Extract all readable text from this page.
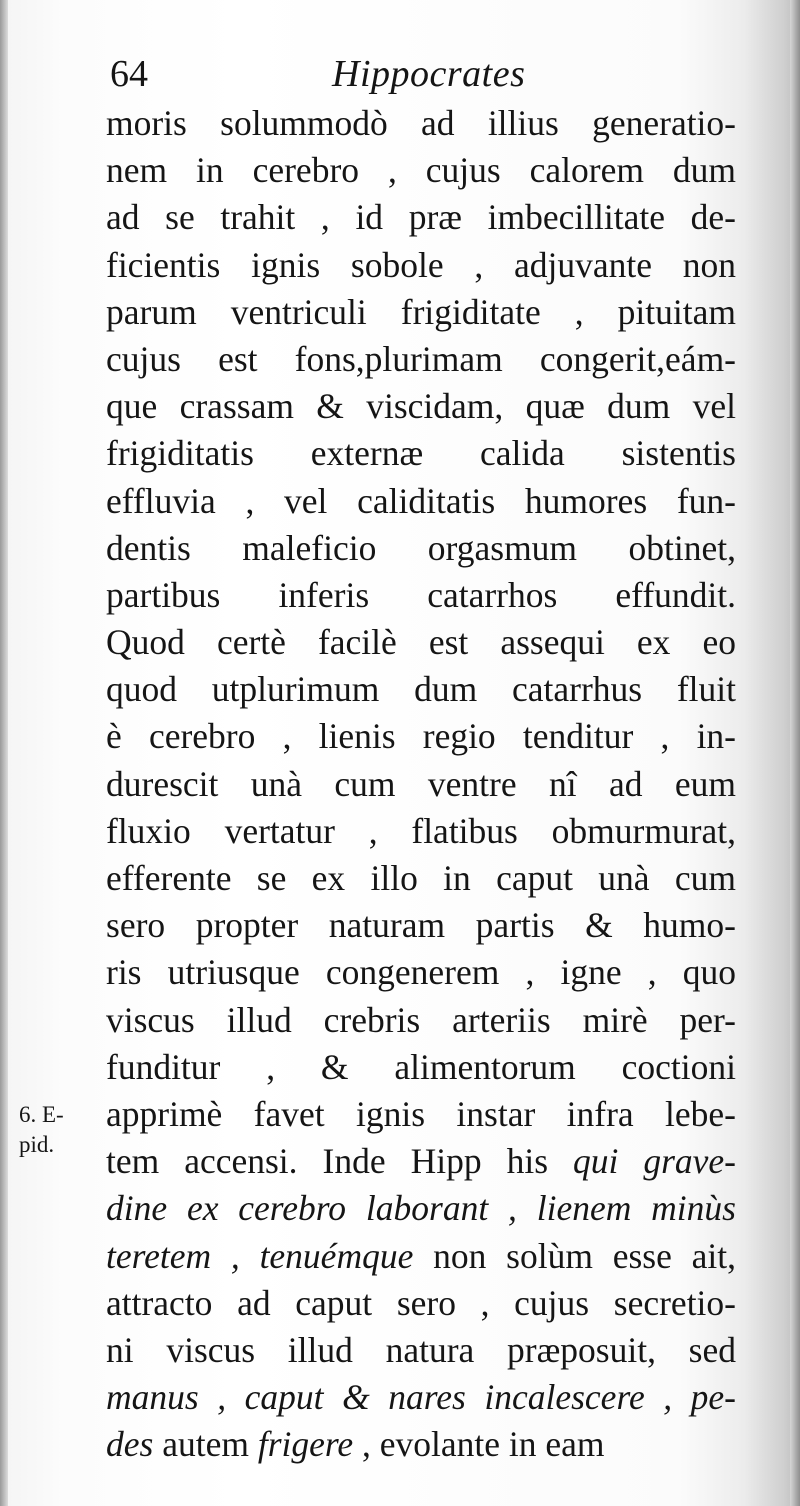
64	Hippocrates
6. E-
pid.
moris solummodò ad illius generatio-
nem in cerebro , cujus calorem dum
ad se trahit , id præ imbecillitate de-
ficientis ignis sobole , adjuvante non
parum ventriculi frigiditate , pituitam
cujus est fons,plurimam congerit,eám-
que crassam & viscidam, quæ dum vel
frigiditatis externæ calida sistentis
effluvia , vel caliditatis humores fun-
dentis maleficio orgasmum obtinet,
partibus inferis catarrhos effundit.
Quod certè facilè est assequi ex eo
quod utplurimum dum catarrhus fluit
è cerebro , lienis regio tenditur , in-
durescit unà cum ventre nî ad eum
fluxio vertatur , flatibus obmurmurat,
efferente se ex illo in caput unà cum
sero propter naturam partis & humo-
ris utriusque congenerem , igne , quo
viscus illud crebris arteriis mirè per-
funditur , & alimentorum coctioni
apprimè favet ignis instar infra lebe-
tem accensi. Inde Hipp his qui grave-
dine ex cerebro laborant , lienem minùs
teretem , tenuémque non solùm esse ait,
attracto ad caput sero , cujus secretio-
ni viscus illud natura præposuit, sed
manus , caput & nares incalescere , pe-
des autem frigere , evolante in eam
